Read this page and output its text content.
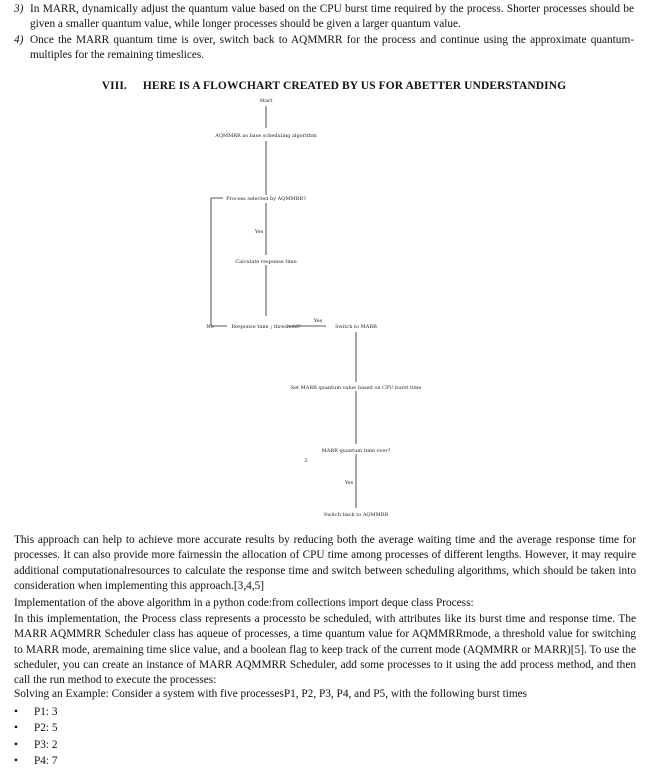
3) In MARR, dynamically adjust the quantum value based on the CPU burst time required by the process. Shorter processes should be given a smaller quantum value, while longer processes should be given a larger quantum value.
4) Once the MARR quantum time is over, switch back to AQMMRR for the process and continue using the approximate quantum-multiples for the remaining timeslices.
VIII. HERE IS A FLOWCHART CREATED BY US FOR ABETTER UNDERSTANDING
Start
AQMMRR as base scheduling algorithm
Process selected by AQMMRR?
Yes
Calculate response time
No	Response time ¡ threshold?
Yes
Switch to MARR
Set MARR quantum value based on CPU burst time
MARR quantum time over?
2
Yes
Switch back to AQMMRR
This approach can help to achieve more accurate results by reducing both the average waiting time and the average response time for processes. It can also provide more fairnessin the allocation of CPU time among processes of different lengths. However, it may require additional computationalresources to calculate the response time and switch between scheduling algorithms, which should be taken into consideration when implementing this approach.[3,4,5]
Implementation of the above algorithm in a python code:from collections import deque class Process:
In this implementation, the Process class represents a processto be scheduled, with attributes like its burst time and response time. The MARR AQMMRR Scheduler class has aqueue of processes, a time quantum value for AQMMRRmode, a threshold value for switching to MARR mode, aremaining time slice value, and a boolean flag to keep track of the current mode (AQMMRR or MARR)[5]. To use the scheduler, you can create an instance of MARR AQMMRR Scheduler, add some processes to it using the add process method, and then call the run method to execute the processes:
Solving an Example: Consider a system with five processesP1, P2, P3, P4, and P5, with the following burst times
• P1: 3
• P2: 5
• P3: 2
• P4: 7
